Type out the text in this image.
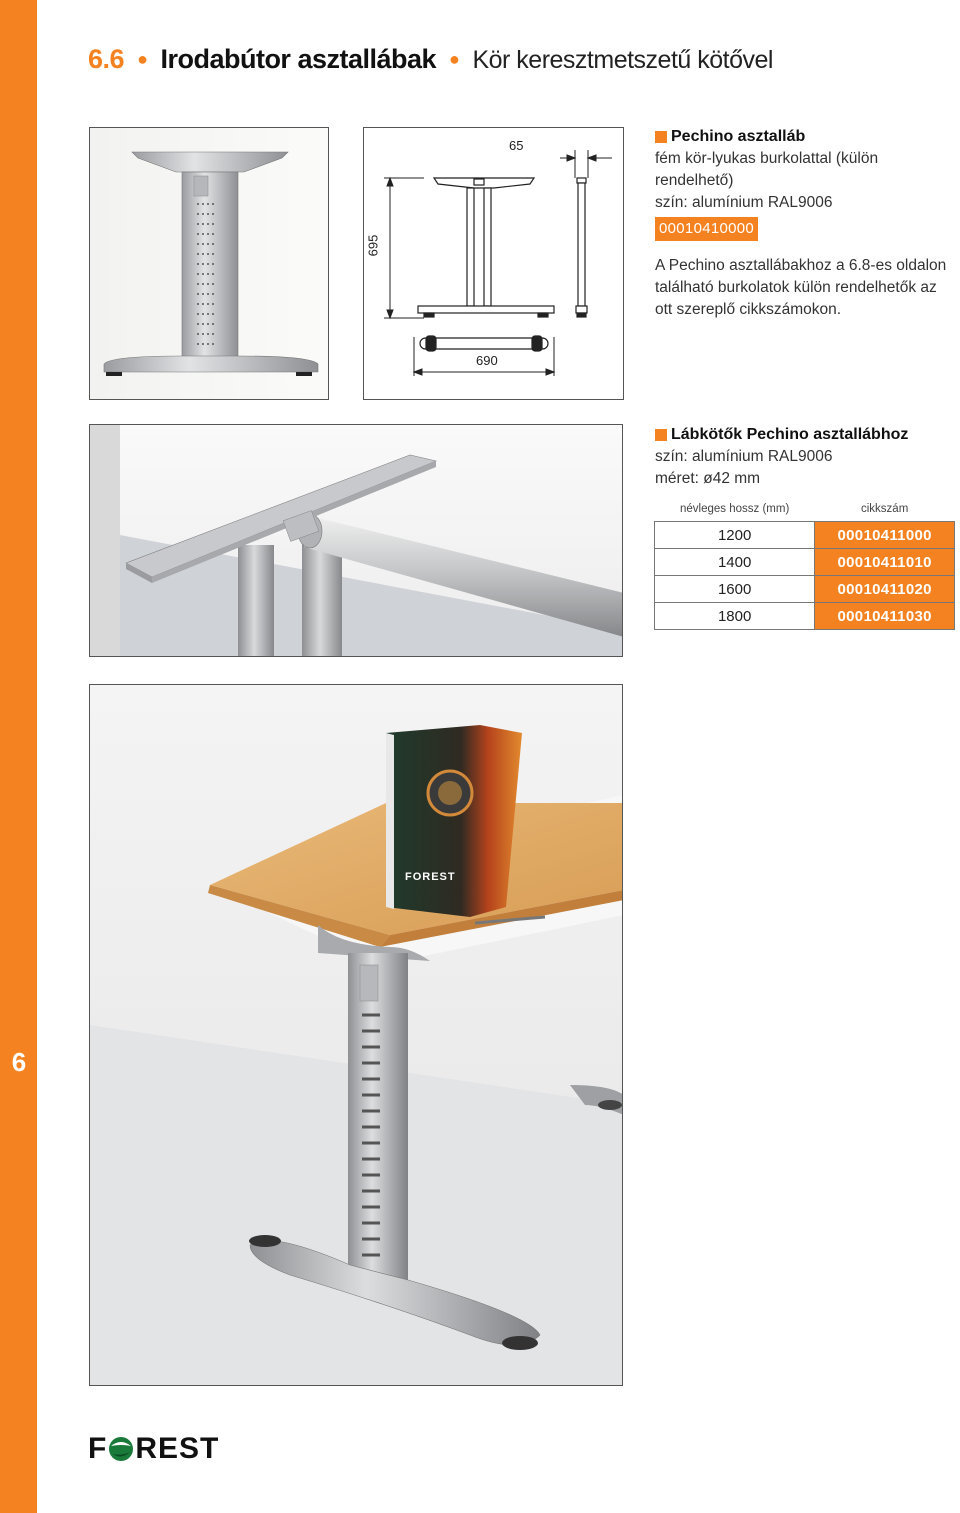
6
6.6 ● Irodabútor asztallábak ● Kör keresztmetszetű kötővel
65
695
690
Pechino asztalláb
fém kör-lyukas burkolattal (külön rendelhető)
szín: alumínium RAL9006
00010410000
A Pechino asztallábakhoz a 6.8-es oldalon található burkolatok külön rendelhetők az ott szereplő cikkszámokon.
Lábkötők Pechino asztallábhoz
szín: alumínium RAL9006
méret: ø42 mm
névleges hossz (mm)	cikkszám
1200	00010411000
1400	00010411010
1600	00010411020
1800	00010411030
FOREST
F REST
